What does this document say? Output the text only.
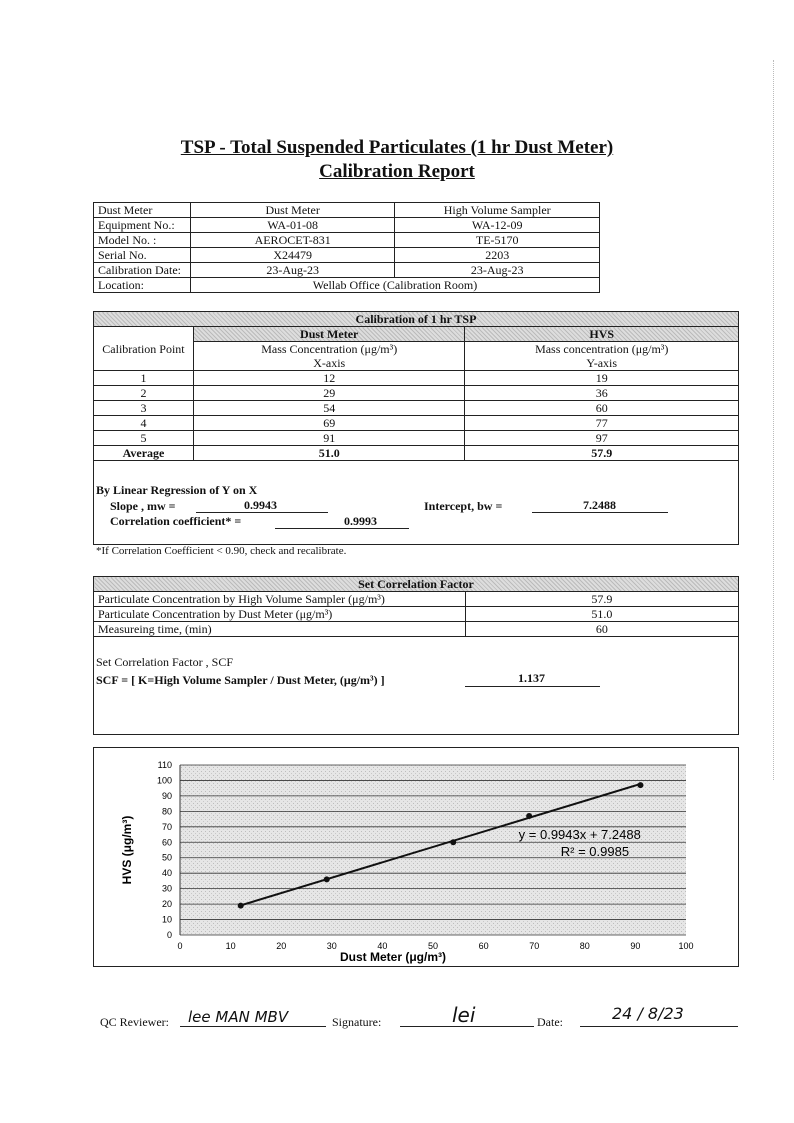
TSP - Total Suspended Particulates (1 hr Dust Meter)
Calibration Report
Dust Meter	Dust Meter	High Volume Sampler
Equipment No.:	WA-01-08	WA-12-09
Model No. :	AEROCET-831	TE-5170
Serial No.	X24479	2203
Calibration Date:	23-Aug-23	23-Aug-23
Location:	Wellab Office (Calibration Room)	
Calibration of 1 hr TSP		
Calibration Point	Dust Meter	HVS
	Mass Concentration (μg/m³)	Mass concentration (μg/m³)
	X-axis	Y-axis
1	12	19
2	29	36
3	54	60
4	69	77
5	91	97
Average	51.0	57.9
By Linear Regression of Y on X
Slope , mw =	0.9943	Intercept, bw =	7.2488
Correlation coefficient* =	0.9993
*If Correlation Coefficient < 0.90, check and recalibrate.
Set Correlation Factor	
Particulate Concentration by High Volume Sampler (μg/m³)	57.9
Particulate Concentration by Dust Meter (μg/m³)	51.0
Measureing time, (min)	60
Set Correlation Factor , SCF
SCF = [ K=High Volume Sampler / Dust Meter, (μg/m³) ]	1.137
0
10
20
30
40
50
60
70
80
90
100
110
0	10	20	30	40	50	60	70	80	90	100
y = 0.9943x + 7.2488
R² = 0.9985
Dust Meter (μg/m³)
HVS (μg/m³)
QC Reviewer: lee MAN MBV	Signature:	lei	Date:	24 / 8/23
